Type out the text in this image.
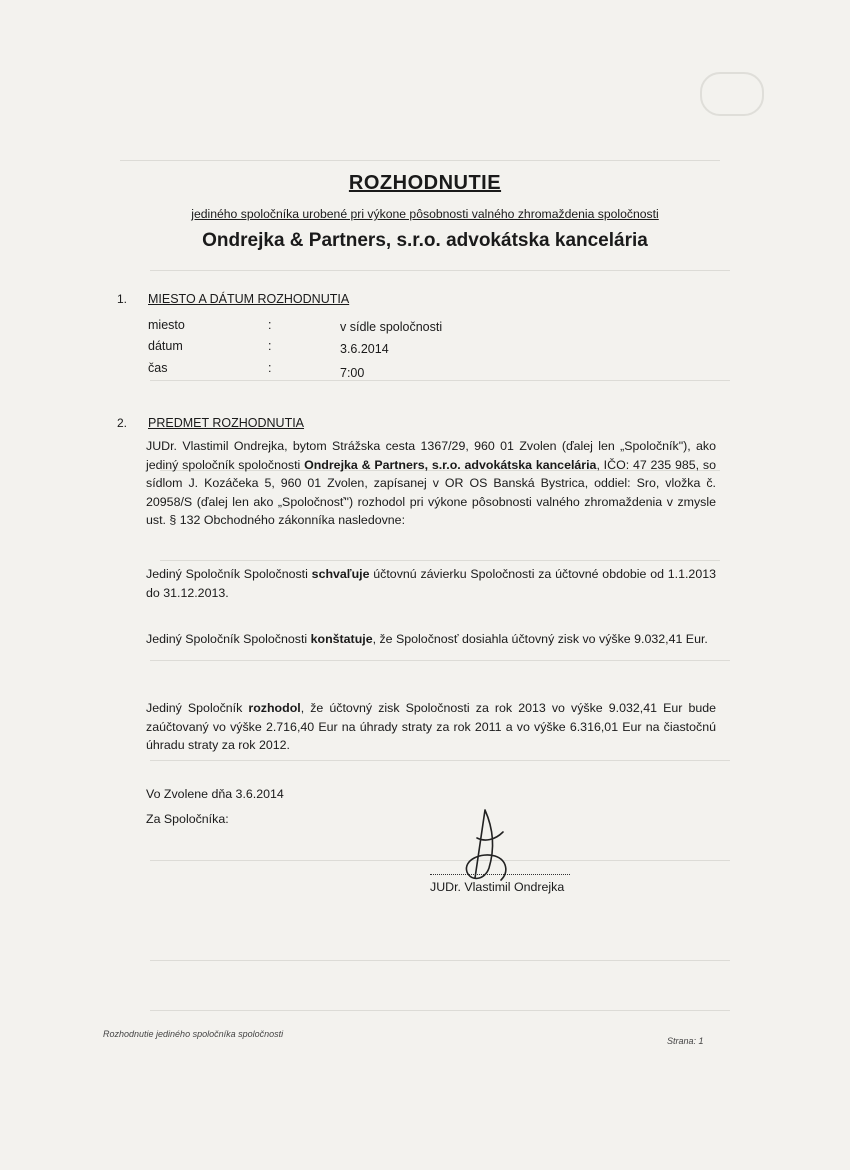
ROZHODNUTIE
jediného spoločníka urobené pri výkone pôsobnosti valného zhromaždenia spoločnosti
Ondrejka & Partners, s.r.o. advokátska kancelária
1. MIESTO A DÁTUM ROZHODNUTIA
miesto	:	v sídle spoločnosti
dátum	:	3.6.2014
čas	:	7:00
2. PREDMET ROZHODNUTIA
JUDr. Vlastimil Ondrejka, bytom Strážska cesta 1367/29, 960 01 Zvolen (ďalej len „Spoločník"), ako jediný spoločník spoločnosti Ondrejka & Partners, s.r.o. advokátska kancelária, IČO: 47 235 985, so sídlom J. Kozáčeka 5, 960 01 Zvolen, zapísanej v OR OS Banská Bystrica, oddiel: Sro, vložka č. 20958/S (ďalej len ako „Spoločnosť") rozhodol pri výkone pôsobnosti valného zhromaždenia v zmysle ust. § 132 Obchodného zákonníka nasledovne:
Jediný Spoločník Spoločnosti schvaľuje účtovnú závierku Spoločnosti za účtovné obdobie od 1.1.2013 do 31.12.2013.
Jediný Spoločník Spoločnosti konštatuje, že Spoločnosť dosiahla účtovný zisk vo výške 9.032,41 Eur.
Jediný Spoločník rozhodol, že účtovný zisk Spoločnosti za rok 2013 vo výške 9.032,41 Eur bude zaúčtovaný vo výške 2.716,40 Eur na úhrady straty za rok 2011 a vo výške 6.316,01 Eur na čiastočnú úhradu straty za rok 2012.
Vo Zvolene dňa 3.6.2014
Za Spoločníka:
JUDr. Vlastimil Ondrejka
Rozhodnutie jediného spoločníka spoločnosti
Strana: 1
